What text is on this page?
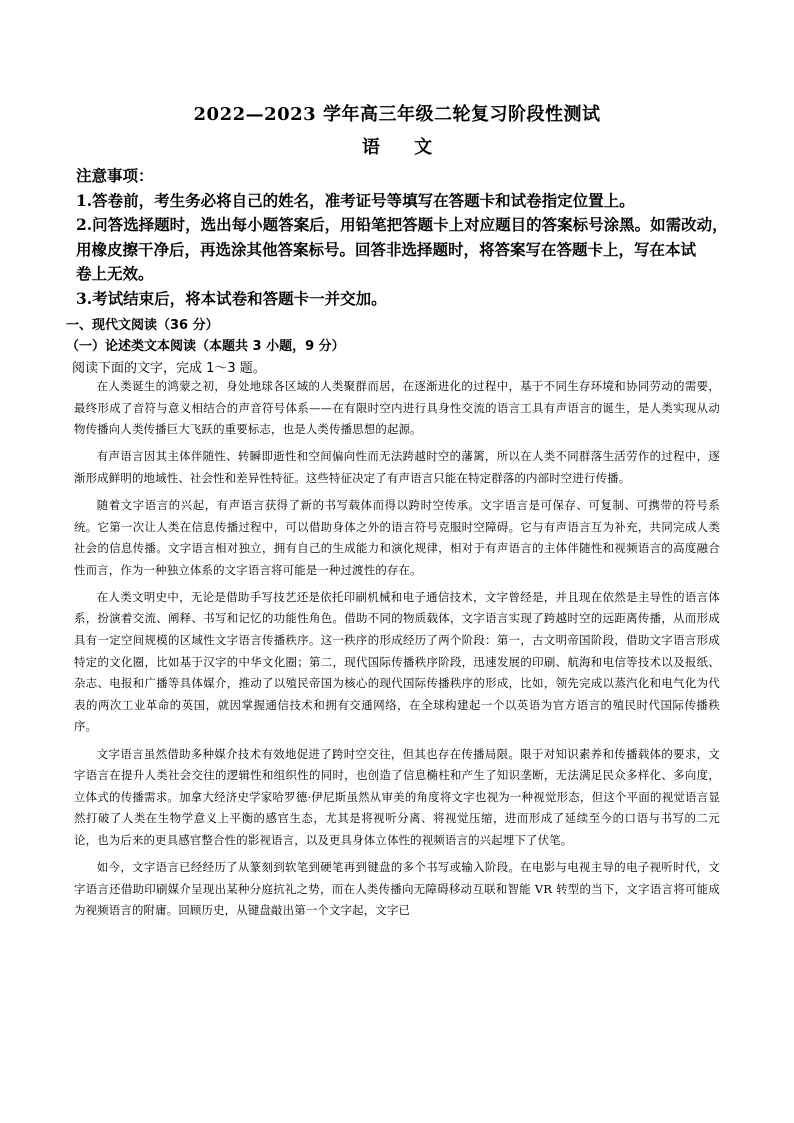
2022—2023 学年高三年级二轮复习阶段性测试
语 文
注意事项：
1.答卷前，考生务必将自己的姓名，准考证号等填写在答题卡和试卷指定位置上。
2.问答选择题时，选出每小题答案后，用铅笔把答题卡上对应题目的答案标号涂黑。如需改动，
用橡皮擦干净后，再选涂其他答案标号。回答非选择题时，将答案写在答题卡上，写在本试
卷上无效。
3.考试结束后，将本试卷和答题卡一并交加。
一、现代文阅读（36 分）
（一）论述类文本阅读（本题共 3 小题，9 分）
阅读下面的文字，完成 1～3 题。

在人类诞生的鸿蒙之初，身处地球各区域的人类聚群而居，在逐渐进化的过程中，基于不同生存环境和协同劳动的需要，最终形成了音符与意义相结合的声音符号体系——在有限时空内进行具身性交流的语言工具有声语言的诞生，是人类实现从动物传播向人类传播巨大飞跃的重要标志，也是人类传播思想的起源。

有声语言因其主体伴随性、转瞬即逝性和空间偏向性而无法跨越时空的藩篱，所以在人类不同群落生活劳作的过程中，逐渐形成鲜明的地域性、社会性和差异性特征。这些特征决定了有声语言只能在特定群落的内部时空进行传播。

随着文字语言的兴起，有声语言获得了新的书写载体而得以跨时空传承。文字语言是可保存、可复制、可携带的符号系统。它第一次让人类在信息传播过程中，可以借助身体之外的语言符号克服时空障碍。它与有声语言互为补充，共同完成人类社会的信息传播。文字语言相对独立，拥有自己的生成能力和演化规律，相对于有声语言的主体伴随性和视频语言的高度融合性而言，作为一种独立体系的文字语言将可能是一种过渡性的存在。

在人类文明史中，无论是借助手写技艺还是依托印刷机械和电子通信技术，文字曾经是，并且现在依然是主导性的语言体系，扮演着交流、阐释、书写和记忆的功能性角色。借助不同的物质载体，文字语言实现了跨越时空的远距离传播，从而形成具有一定空间规模的区域性文字语言传播秩序。这一秩序的形成经历了两个阶段：第一，古文明帝国阶段，借助文字语言形成特定的文化圈，比如基于汉字的中华文化圈；第二，现代国际传播秩序阶段，迅速发展的印刷、航海和电信等技术以及报纸、杂志、电报和广播等具体媒介，推动了以殖民帝国为核心的现代国际传播秩序的形成，比如，领先完成以蒸汽化和电气化为代表的两次工业革命的英国，就因掌握通信技术和拥有交通网络，在全球构建起一个以英语为官方语言的殖民时代国际传播秩序。

文字语言虽然借助多种媒介技术有效地促进了跨时空交往，但其也存在传播局限。限于对知识素养和传播载体的要求，文字语言在提升人类社会交往的逻辑性和组织性的同时，也创造了信息椭柱和产生了知识垄断，无法满足民众多样化、多向度，立体式的传播需求。加拿大经济史学家哈罗德·伊尼斯虽然从审美的角度将文字也视为一种视觉形态，但这个平面的视觉语言显然打破了人类在生物学意义上平衡的感官生态，尤其是将视听分离、将视觉压缩，进而形成了延续至今的口语与书写的二元论，也为后来的更具感官整合性的影视语言，以及更具身体立体性的视频语言的兴起埋下了伏笔。

如今，文字语言已经经历了从篆刻到软笔到硬笔再到键盘的多个书写或输入阶段。在电影与电视主导的电子视听时代，文字语言还借助印刷媒介呈现出某种分庭抗礼之势，而在人类传播向无障碍移动互联和智能 VR 转型的当下，文字语言将可能成为视频语言的附庸。回顾历史，从键盘敲出第一个文字起，文字已
